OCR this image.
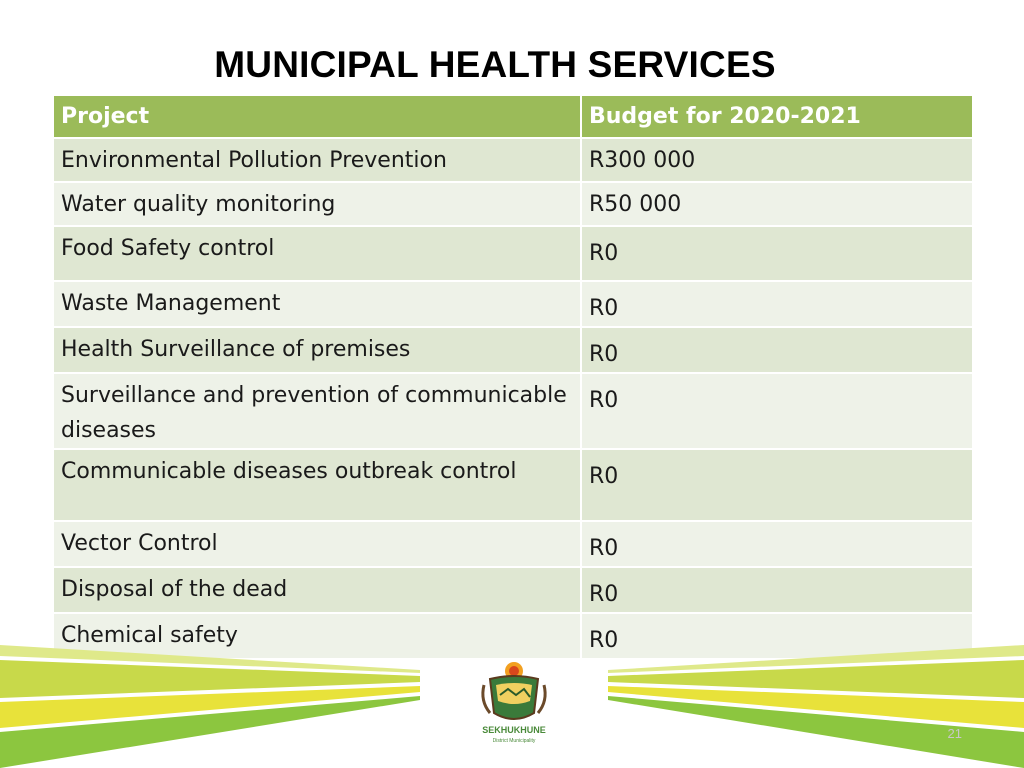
MUNICIPAL HEALTH SERVICES
Project	Budget for 2020-2021
Environmental Pollution Prevention	R300 000
Water quality monitoring	R50 000
Food Safety control	R0
Waste Management	R0
Health Surveillance of premises	R0
Surveillance and prevention of communicable diseases	R0
Communicable diseases outbreak control	R0
Vector Control	R0
Disposal of the dead	R0
Chemical safety	R0
SEKHUKHUNE
District Municipality	21
